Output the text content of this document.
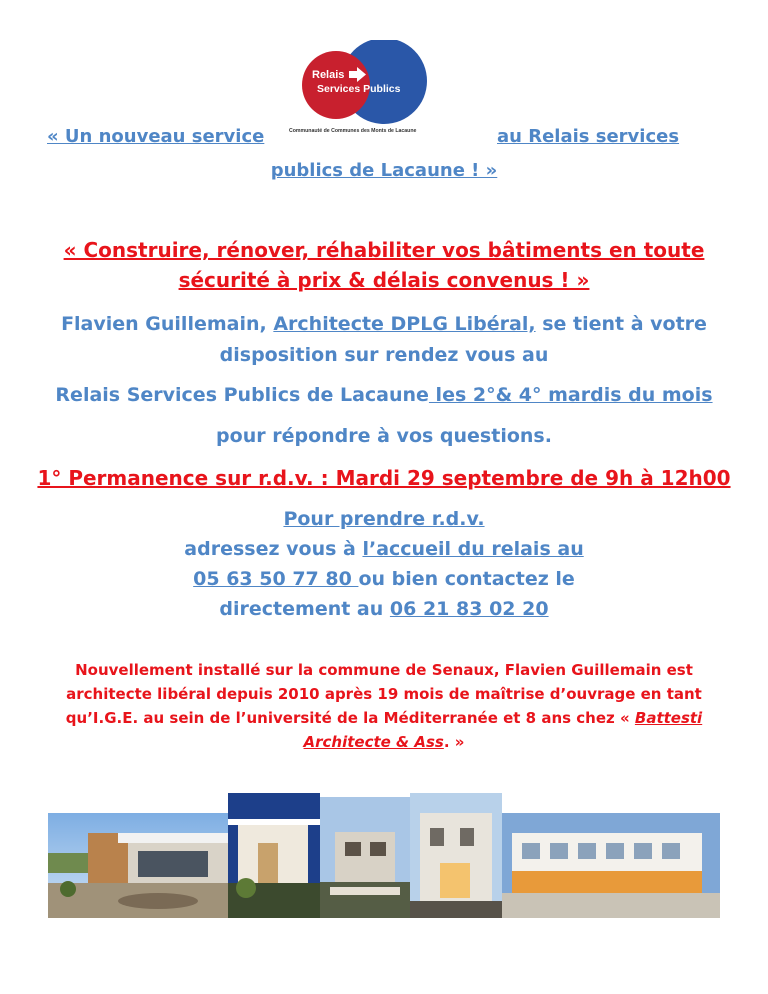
Relais
Services Publics
Communauté de Communes des Monts de Lacaune
« Un nouveau service	au Relais services
publics de Lacaune ! »
« Construire, rénover, réhabiliter vos bâtiments en toute
sécurité à prix & délais convenus ! »
Flavien Guillemain, Architecte DPLG Libéral, se tient à votre
disposition sur rendez vous au
Relais Services Publics de Lacaune les 2°& 4° mardis du mois
pour répondre à vos questions.
1° Permanence sur r.d.v. : Mardi 29 septembre de 9h à 12h00
Pour prendre r.d.v.
adressez vous à l’accueil du relais au
05 63 50 77 80 ou bien contactez le
directement au 06 21 83 02 20
Nouvellement installé sur la commune de Senaux, Flavien Guillemain est architecte libéral depuis 2010 après 19 mois de maîtrise d’ouvrage en tant qu’I.G.E. au sein de l’université de la Méditerranée et 8 ans chez « Battesti Architecte & Ass. »
